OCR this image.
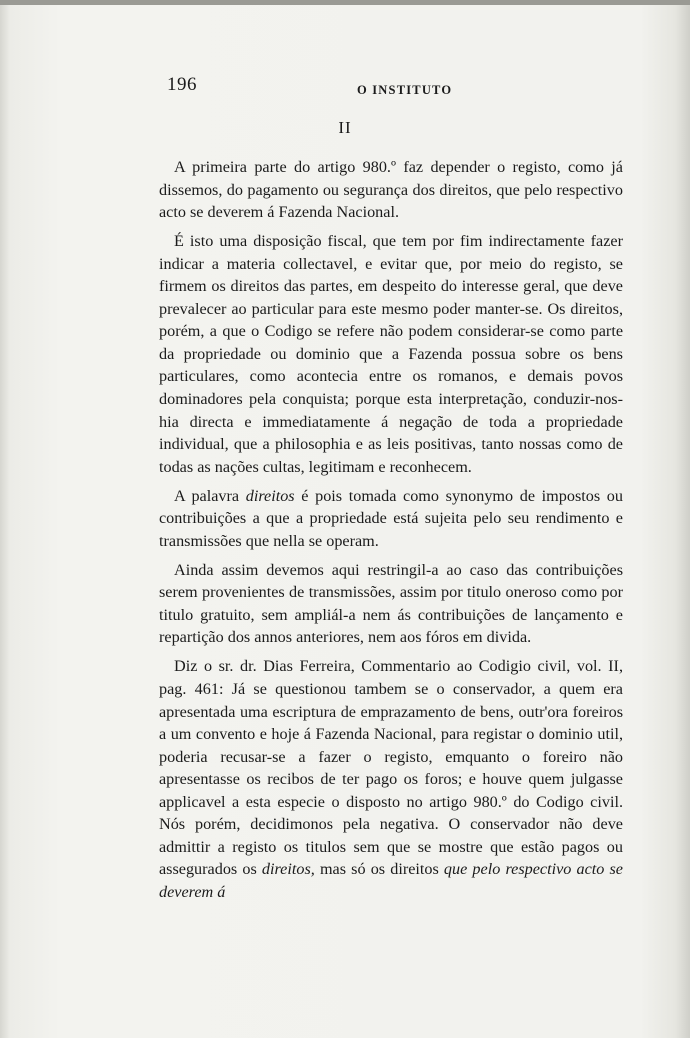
196	O INSTITUTO
II

A primeira parte do artigo 980.º faz depender o registo, como já dissemos, do pagamento ou segurança dos direitos, que pelo respectivo acto se deverem á Fazenda Nacional.

É isto uma disposição fiscal, que tem por fim indirectamente fazer indicar a materia collectavel, e evitar que, por meio do registo, se firmem os direitos das partes, em despeito do interesse geral, que deve prevalecer ao particular para este mesmo poder manter-se. Os direitos, porém, a que o Codigo se refere não podem considerar-se como parte da propriedade ou dominio que a Fazenda possua sobre os bens particulares, como acontecia entre os romanos, e demais povos dominadores pela conquista; porque esta interpretação, conduzir-nos-hia directa e immediatamente á negação de toda a propriedade individual, que a philosophia e as leis positivas, tanto nossas como de todas as nações cultas, legitimam e reconhecem.

A palavra direitos é pois tomada como synonymo de impostos ou contribuições a que a propriedade está sujeita pelo seu rendimento e transmissões que nella se operam.

Ainda assim devemos aqui restringil-a ao caso das contribuições serem provenientes de transmissões, assim por titulo oneroso como por titulo gratuito, sem ampliál-a nem ás contribuições de lançamento e repartição dos annos anteriores, nem aos fóros em divida.

Diz o sr. dr. Dias Ferreira, Commentario ao Codigio civil, vol. II, pag. 461: Já se questionou tambem se o conservador, a quem era apresentada uma escriptura de emprazamento de bens, outr'ora foreiros a um convento e hoje á Fazenda Nacional, para registar o dominio util, poderia recusar-se a fazer o registo, emquanto o foreiro não apresentasse os recibos de ter pago os foros; e houve quem julgasse applicavel a esta especie o disposto no artigo 980.º do Codigo civil. Nós porém, decidimonos pela negativa. O conservador não deve admittir a registo os titulos sem que se mostre que estão pagos ou assegurados os direitos, mas só os direitos que pelo respectivo acto se deverem á
